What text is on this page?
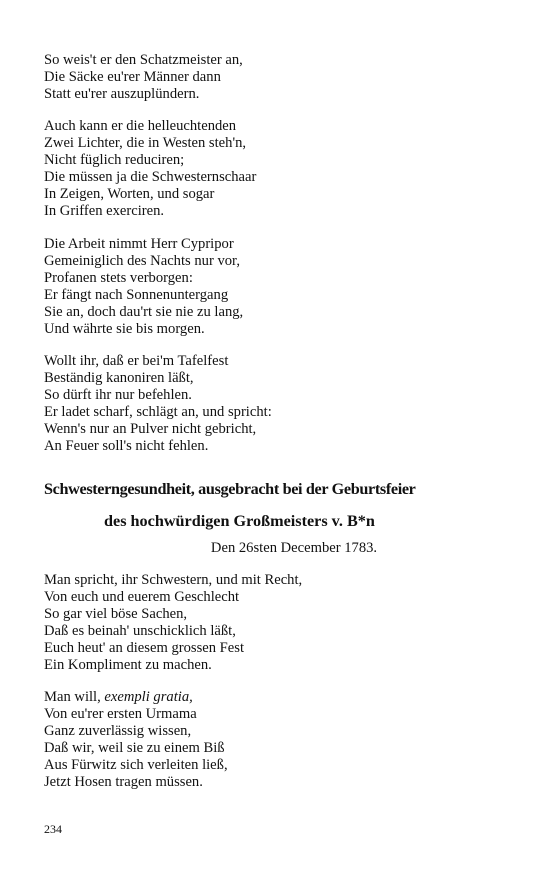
So weis't er den Schatzmeister an,
Die Säcke eu'rer Männer dann
Statt eu'rer auszuplündern.
Auch kann er die helleuchtenden
Zwei Lichter, die in Westen steh'n,
Nicht füglich reduciren;
Die müssen ja die Schwesternschaar
In Zeigen, Worten, und sogar
In Griffen exerciren.
Die Arbeit nimmt Herr Cypripor
Gemeiniglich des Nachts nur vor,
Profanen stets verborgen:
Er fängt nach Sonnenuntergang
Sie an, doch dau'rt sie nie zu lang,
Und währte sie bis morgen.
Wollt ihr, daß er bei'm Tafelfest
Beständig kanoniren läßt,
So dürft ihr nur befehlen.
Er ladet scharf, schlägt an, und spricht:
Wenn's nur an Pulver nicht gebricht,
An Feuer soll's nicht fehlen.
Schwesterngesundheit, ausgebracht bei der Geburtsfeier
des hochwürdigen Großmeisters v. B*n
Den 26sten December 1783.
Man spricht, ihr Schwestern, und mit Recht,
Von euch und euerem Geschlecht
So gar viel böse Sachen,
Daß es beinah' unschicklich läßt,
Euch heut' an diesem grossen Fest
Ein Kompliment zu machen.
Man will, exempli gratia,
Von eu'rer ersten Urmama
Ganz zuverlässig wissen,
Daß wir, weil sie zu einem Biß
Aus Fürwitz sich verleiten ließ,
Jetzt Hosen tragen müssen.
234
